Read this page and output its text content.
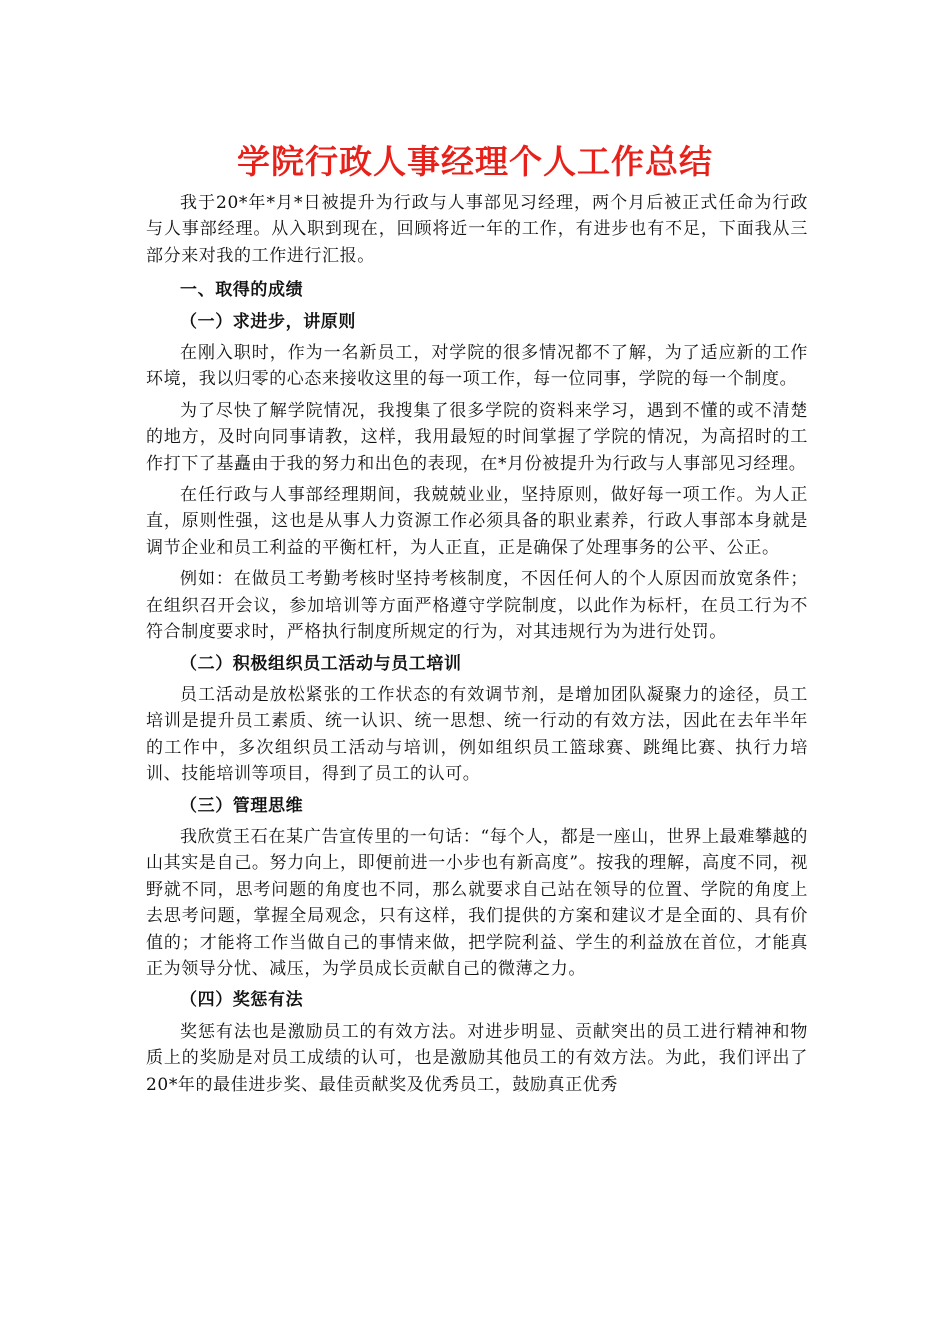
学院行政人事经理个人工作总结

我于20*年*月*日被提升为行政与人事部见习经理，两个月后被正式任命为行政与人事部经理。从入职到现在，回顾将近一年的工作，有进步也有不足，下面我从三部分来对我的工作进行汇报。

一、取得的成绩

（一）求进步，讲原则

在刚入职时，作为一名新员工，对学院的很多情况都不了解，为了适应新的工作环境，我以归零的心态来接收这里的每一项工作，每一位同事，学院的每一个制度。

为了尽快了解学院情况，我搜集了很多学院的资料来学习，遇到不懂的或不清楚的地方，及时向同事请教，这样，我用最短的时间掌握了学院的情况，为高招时的工作打下了基矗由于我的努力和出色的表现，在*月份被提升为行政与人事部见习经理。

在任行政与人事部经理期间，我兢兢业业，坚持原则，做好每一项工作。为人正直，原则性强，这也是从事人力资源工作必须具备的职业素养，行政人事部本身就是调节企业和员工利益的平衡杠杆，为人正直，正是确保了处理事务的公平、公正。

例如：在做员工考勤考核时坚持考核制度，不因任何人的个人原因而放宽条件；在组织召开会议，参加培训等方面严格遵守学院制度，以此作为标杆，在员工行为不符合制度要求时，严格执行制度所规定的行为，对其违规行为为进行处罚。

（二）积极组织员工活动与员工培训

员工活动是放松紧张的工作状态的有效调节剂，是增加团队凝聚力的途径，员工培训是提升员工素质、统一认识、统一思想、统一行动的有效方法，因此在去年半年的工作中，多次组织员工活动与培训，例如组织员工篮球赛、跳绳比赛、执行力培训、技能培训等项目，得到了员工的认可。

（三）管理思维

我欣赏王石在某广告宣传里的一句话：“每个人，都是一座山，世界上最难攀越的山其实是自己。努力向上，即便前进一小步也有新高度”。按我的理解，高度不同，视野就不同，思考问题的角度也不同，那么就要求自己站在领导的位置、学院的角度上去思考问题，掌握全局观念，只有这样，我们提供的方案和建议才是全面的、具有价值的；才能将工作当做自己的事情来做，把学院利益、学生的利益放在首位，才能真正为领导分忧、减压，为学员成长贡献自己的微薄之力。

（四）奖惩有法

奖惩有法也是激励员工的有效方法。对进步明显、贡献突出的员工进行精神和物质上的奖励是对员工成绩的认可，也是激励其他员工的有效方法。为此，我们评出了20*年的最佳进步奖、最佳贡献奖及优秀员工，鼓励真正优秀
